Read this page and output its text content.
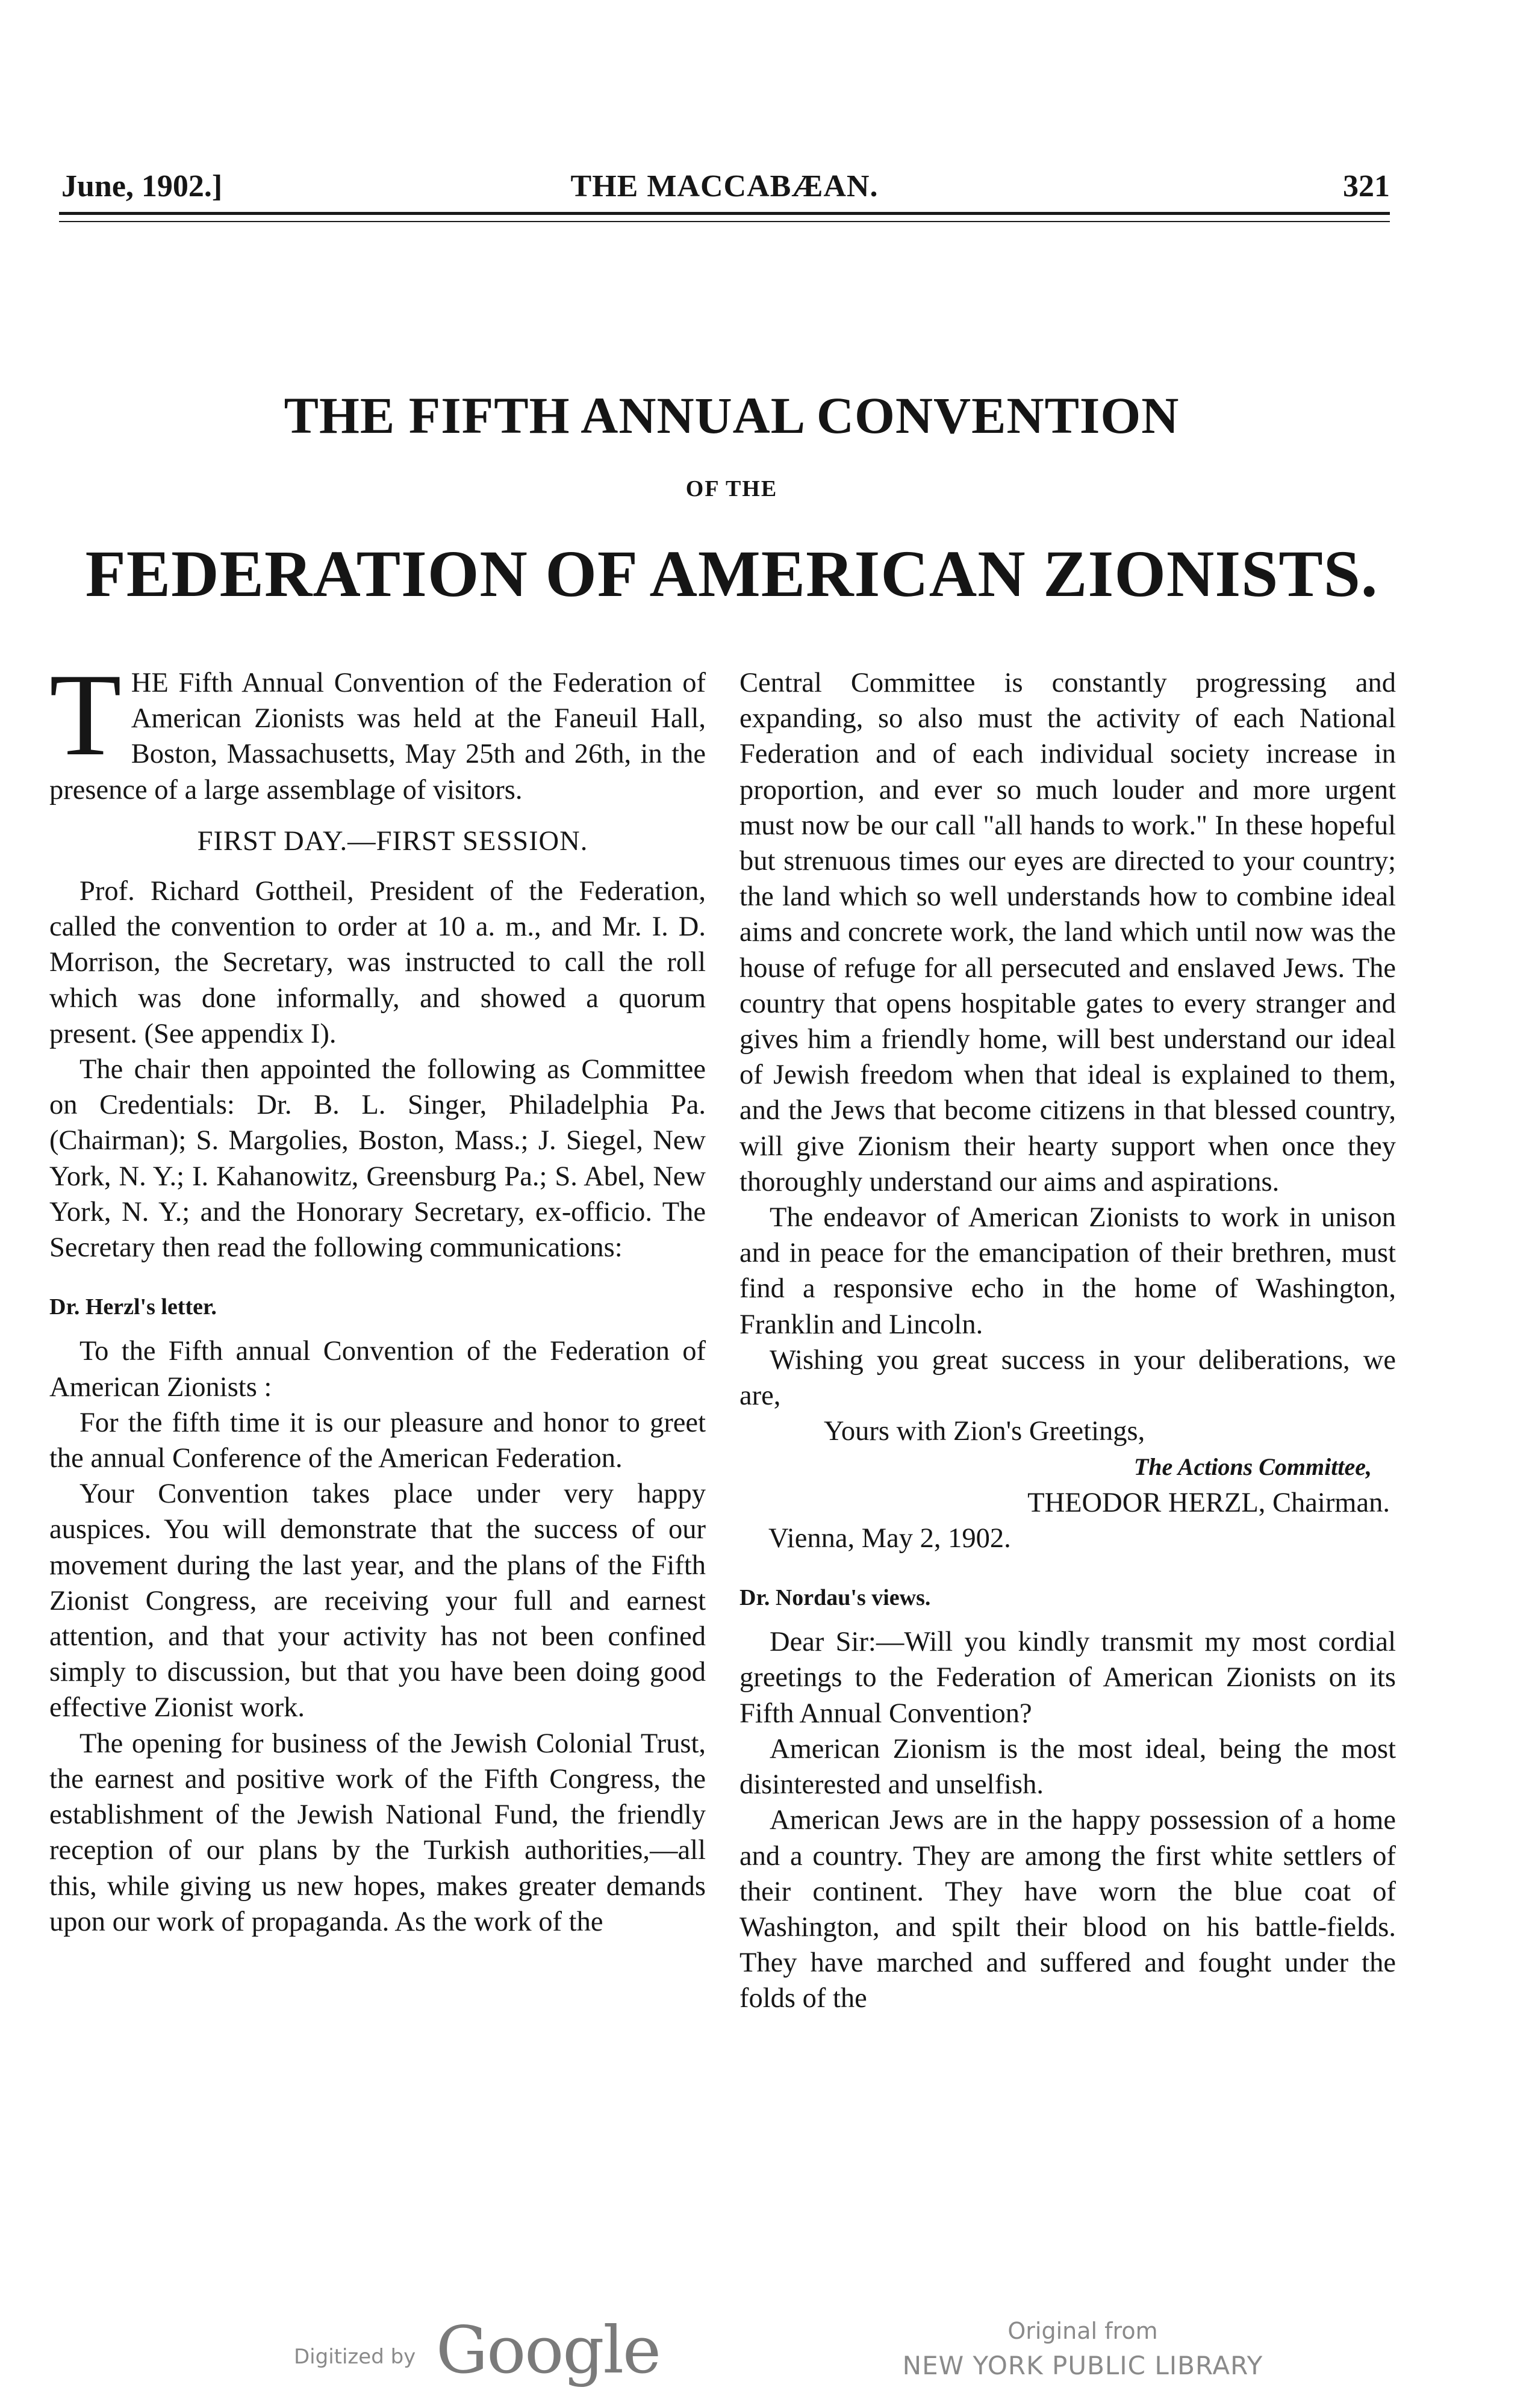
June, 1902.]	THE MACCABÆAN.	321
THE FIFTH ANNUAL CONVENTION
OF THE
FEDERATION OF AMERICAN ZIONISTS.

THE Fifth Annual Convention of the Federation of American Zionists was held at the Faneuil Hall, Boston, Massachusetts, May 25th and 26th, in the presence of a large assemblage of visitors.

FIRST DAY.—FIRST SESSION.

Prof. Richard Gottheil, President of the Federation, called the convention to order at 10 a. m., and Mr. I. D. Morrison, the Secretary, was instructed to call the roll which was done informally, and showed a quorum present. (See appendix I).

The chair then appointed the following as Committee on Credentials: Dr. B. L. Singer, Philadelphia Pa. (Chairman); S. Margolies, Boston, Mass.; J. Siegel, New York, N. Y.; I. Kahanowitz, Greensburg Pa.; S. Abel, New York, N. Y.; and the Honorary Secretary, ex-officio. The Secretary then read the following communications:

Dr. Herzl's letter.

To the Fifth annual Convention of the Federation of American Zionists :

For the fifth time it is our pleasure and honor to greet the annual Conference of the American Federation.

Your Convention takes place under very happy auspices. You will demonstrate that the success of our movement during the last year, and the plans of the Fifth Zionist Congress, are receiving your full and earnest attention, and that your activity has not been confined simply to discussion, but that you have been doing good effective Zionist work.

The opening for business of the Jewish Colonial Trust, the earnest and positive work of the Fifth Congress, the establishment of the Jewish National Fund, the friendly reception of our plans by the Turkish authorities,—all this, while giving us new hopes, makes greater demands upon our work of propaganda. As the work of the

Central Committee is constantly progressing and expanding, so also must the activity of each National Federation and of each individual society increase in proportion, and ever so much louder and more urgent must now be our call "all hands to work." In these hopeful but strenuous times our eyes are directed to your country; the land which so well understands how to combine ideal aims and concrete work, the land which until now was the house of refuge for all persecuted and enslaved Jews. The country that opens hospitable gates to every stranger and gives him a friendly home, will best understand our ideal of Jewish freedom when that ideal is explained to them, and the Jews that become citizens in that blessed country, will give Zionism their hearty support when once they thoroughly understand our aims and aspirations.

The endeavor of American Zionists to work in unison and in peace for the emancipation of their brethren, must find a responsive echo in the home of Washington, Franklin and Lincoln.

Wishing you great success in your deliberations, we are,

Yours with Zion's Greetings,

The Actions Committee,

THEODOR HERZL, Chairman.

Vienna, May 2, 1902.

Dr. Nordau's views.

Dear Sir:—Will you kindly transmit my most cordial greetings to the Federation of American Zionists on its Fifth Annual Convention?

American Zionism is the most ideal, being the most disinterested and unselfish.

American Jews are in the happy possession of a home and a country. They are among the first white settlers of their continent. They have worn the blue coat of Washington, and spilt their blood on his battle-fields. They have marched and suffered and fought under the folds of the

Digitized by Google	Original from
NEW YORK PUBLIC LIBRARY
